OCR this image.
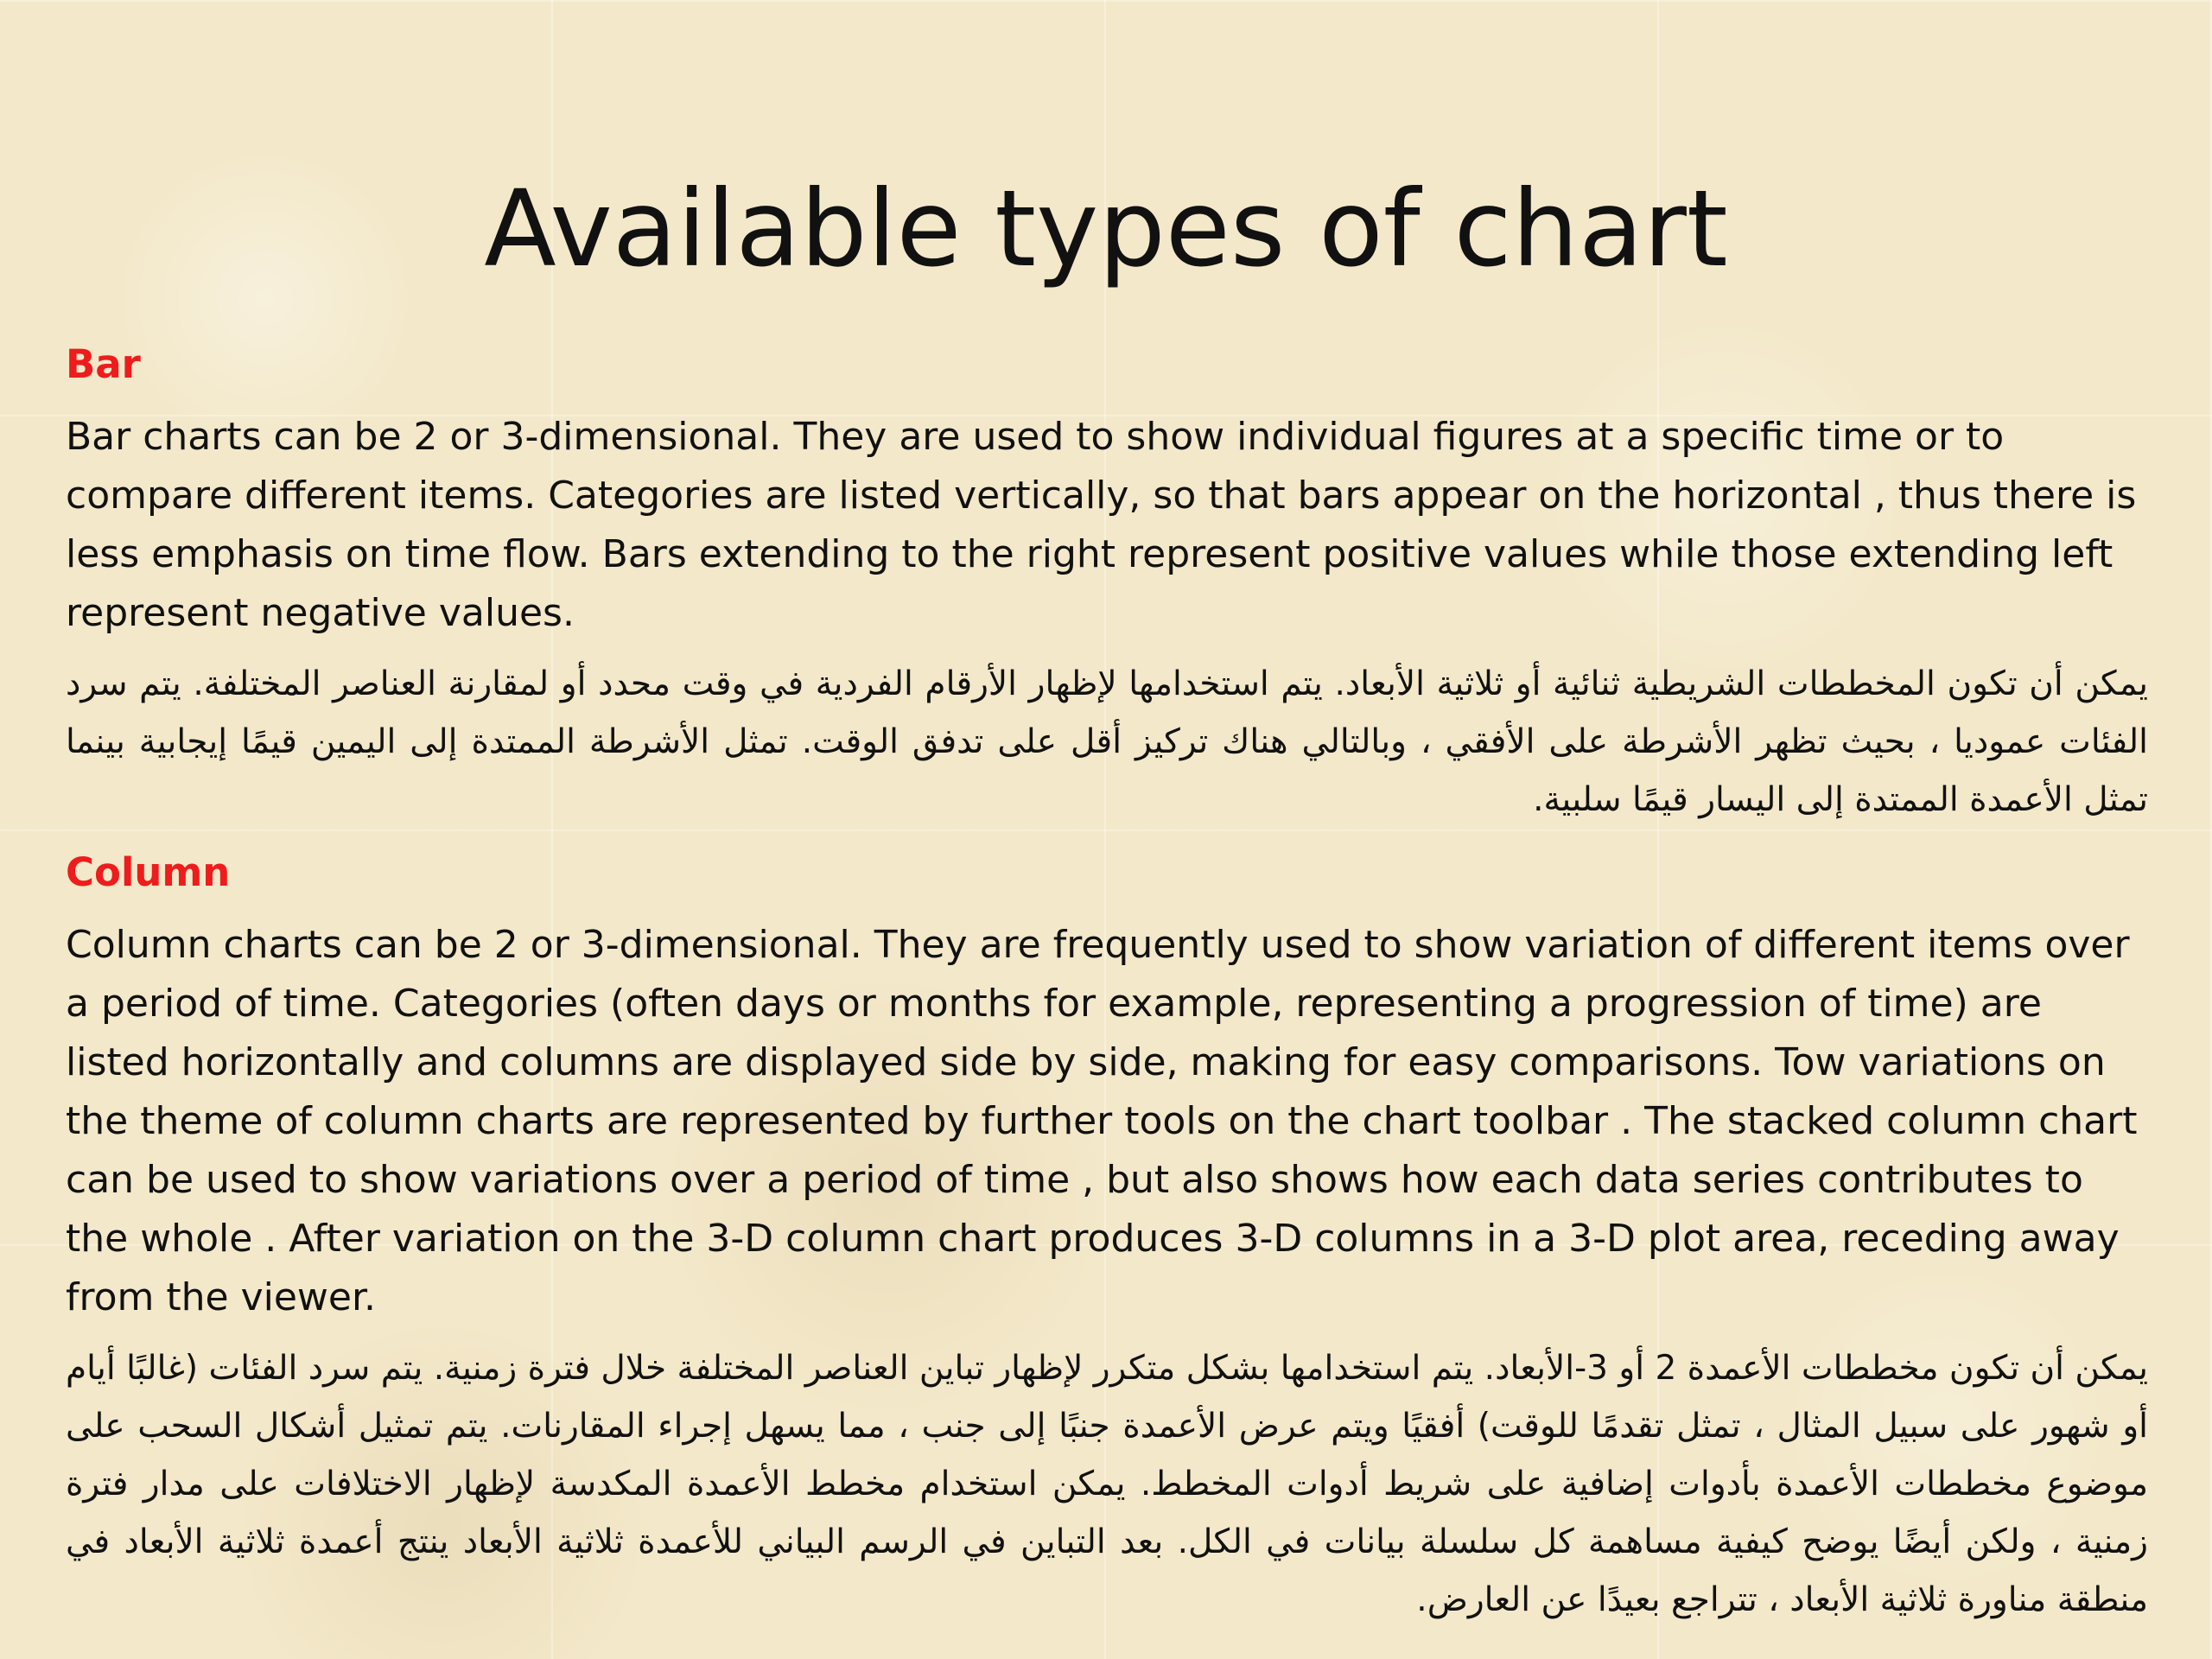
Available types of chart
Bar

Bar charts can be 2 or 3-dimensional. They are used to show individual figures at a specific time or to compare different items. Categories are listed vertically, so that bars appear on the horizontal , thus there is less emphasis on time flow. Bars extending to the right represent positive values while those extending left represent negative values.

يمكن أن تكون المخططات الشريطية ثنائية أو ثلاثية الأبعاد. يتم استخدامها لإظهار الأرقام الفردية في وقت محدد أو لمقارنة العناصر المختلفة. يتم سرد الفئات عموديا ، بحيث تظهر الأشرطة على الأفقي ، وبالتالي هناك تركيز أقل على تدفق الوقت. تمثل الأشرطة الممتدة إلى اليمين قيمًا إيجابية بينما تمثل الأعمدة الممتدة إلى اليسار قيمًا سلبية.

Column

Column charts can be 2 or 3-dimensional. They are frequently used to show variation of different items over a period of time. Categories (often days or months for example, representing a progression of time) are listed horizontally and columns are displayed side by side, making for easy comparisons. Tow variations on the theme of column charts are represented by further tools on the chart toolbar . The stacked column chart can be used to show variations over a period of time , but also shows how each data series contributes to the whole . After variation on the 3-D column chart produces 3-D columns in a 3-D plot area, receding away from the viewer.

يمكن أن تكون مخططات الأعمدة 2 أو 3-الأبعاد. يتم استخدامها بشكل متكرر لإظهار تباين العناصر المختلفة خلال فترة زمنية. يتم سرد الفئات (غالبًا أيام أو شهور على سبيل المثال ، تمثل تقدمًا للوقت) أفقيًا ويتم عرض الأعمدة جنبًا إلى جنب ، مما يسهل إجراء المقارنات. يتم تمثيل أشكال السحب على موضوع مخططات الأعمدة بأدوات إضافية على شريط أدوات المخطط. يمكن استخدام مخطط الأعمدة المكدسة لإظهار الاختلافات على مدار فترة زمنية ، ولكن أيضًا يوضح كيفية مساهمة كل سلسلة بيانات في الكل. بعد التباين في الرسم البياني للأعمدة ثلاثية الأبعاد ينتج أعمدة ثلاثية الأبعاد في منطقة مناورة ثلاثية الأبعاد ، تتراجع بعيدًا عن العارض.
